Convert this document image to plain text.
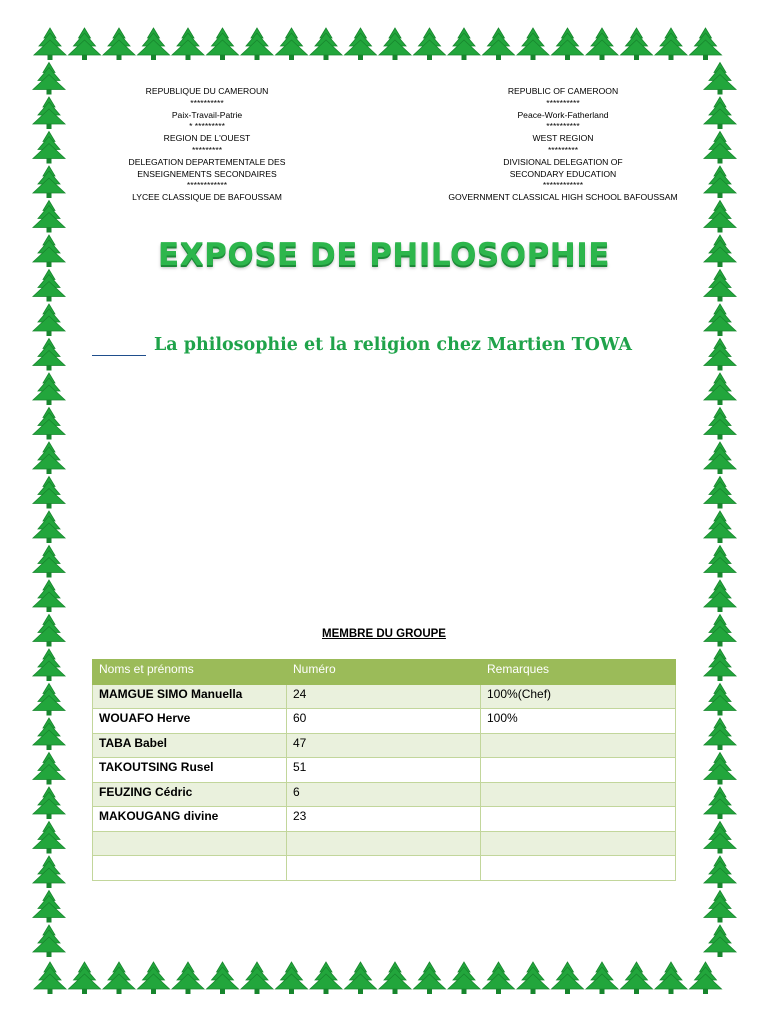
REPUBLIQUE DU CAMEROUN
**********
Paix-Travail-Patrie
* *********
REGION DE L'OUEST
*********
DELEGATION DEPARTEMENTALE DES
ENSEIGNEMENTS SECONDAIRES
************
LYCEE CLASSIQUE DE BAFOUSSAM
REPUBLIC OF CAMEROON
**********
Peace-Work-Fatherland
**********
WEST REGION
*********
DIVISIONAL DELEGATION OF
SECONDARY EDUCATION
************
GOVERNMENT CLASSICAL HIGH SCHOOL BAFOUSSAM
EXPOSE DE PHILOSOPHIE
La philosophie et la religion chez Martien TOWA
MEMBRE DU GROUPE
Noms et prénoms	Numéro	Remarques
MAMGUE SIMO Manuella	24	100%(Chef)
WOUAFO Herve	60	100%
TABA Babel	47	
TAKOUTSING Rusel	51	
FEUZING Cédric	6	
MAKOUGANG divine	23	
